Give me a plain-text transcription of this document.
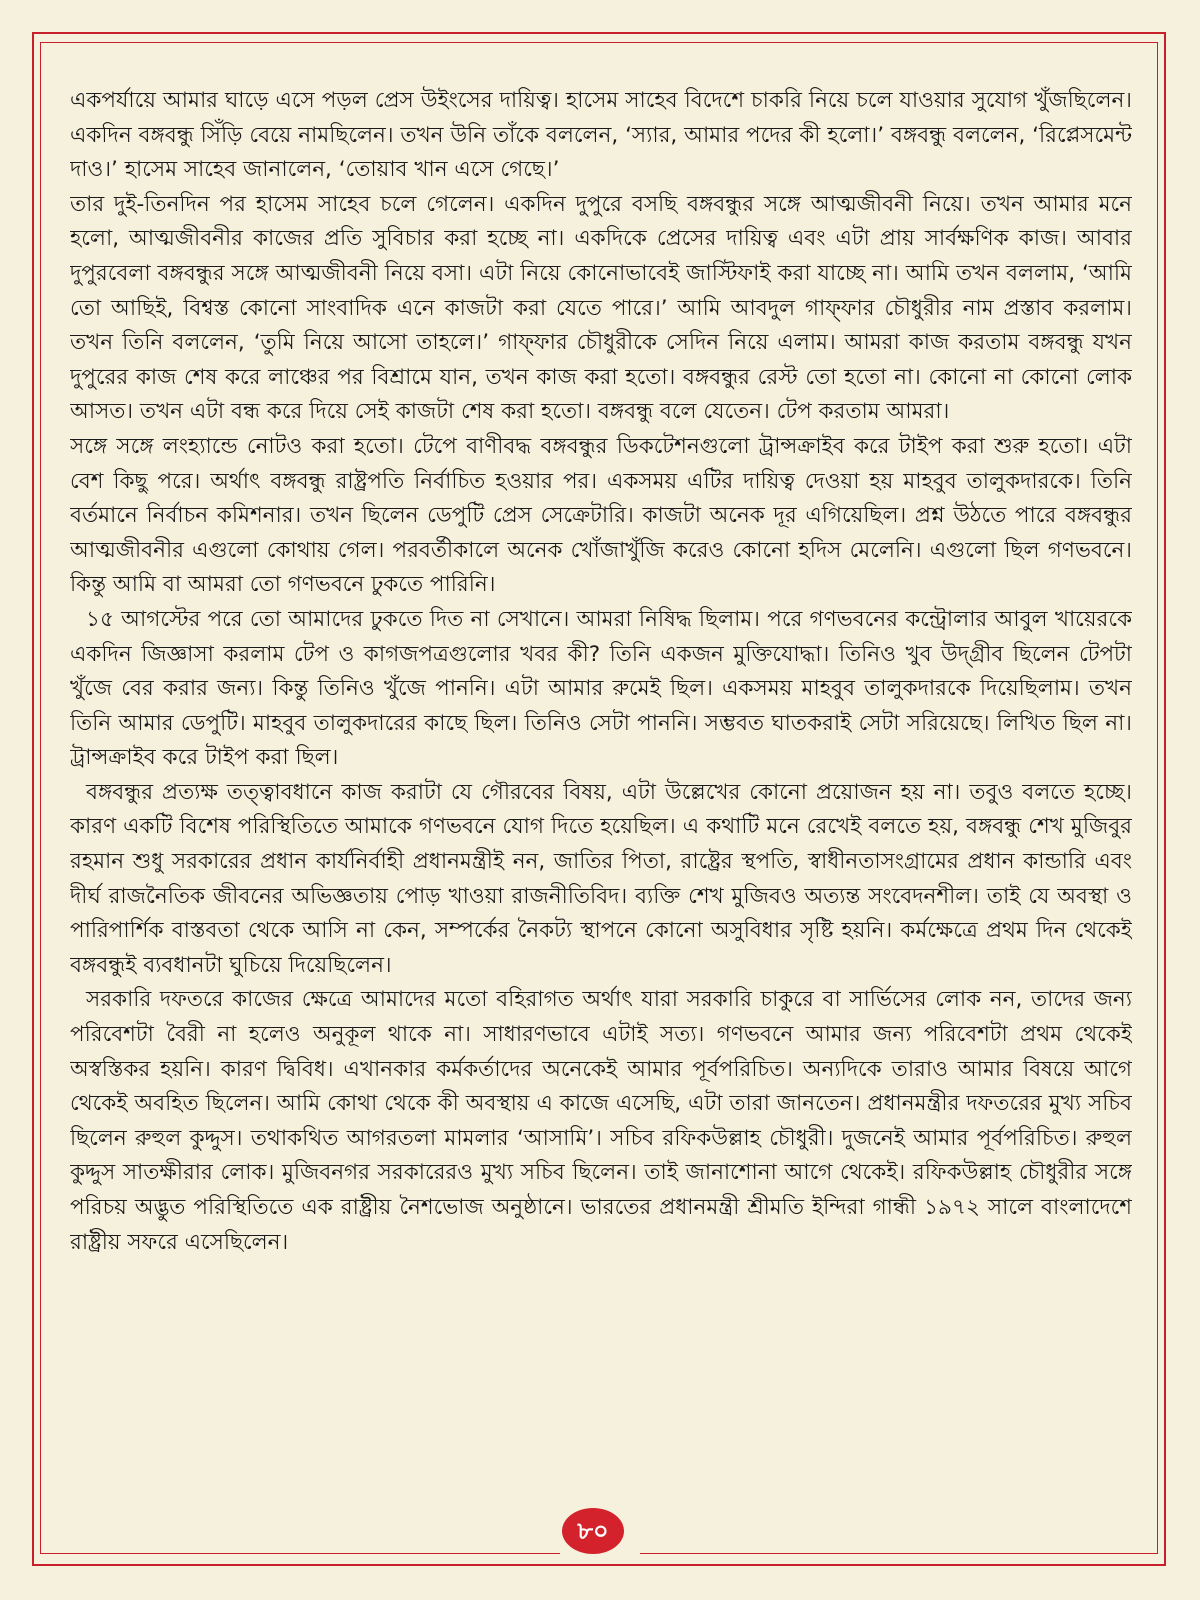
একপর্যায়ে আমার ঘাড়ে এসে পড়ল প্রেস উইংসের দায়িত্ব। হাসেম সাহেব বিদেশে চাকরি নিয়ে চলে যাওয়ার সুযোগ খুঁজছিলেন। একদিন বঙ্গবন্ধু সিঁড়ি বেয়ে নামছিলেন। তখন উনি তাঁকে বললেন, ‘স্যার, আমার পদের কী হলো।’ বঙ্গবন্ধু বললেন, ‘রিপ্লেসমেন্ট দাও।’ হাসেম সাহেব জানালেন, ‘তোয়াব খান এসে গেছে।’

তার দুই-তিনদিন পর হাসেম সাহেব চলে গেলেন। একদিন দুপুরে বসছি বঙ্গবন্ধুর সঙ্গে আত্মজীবনী নিয়ে। তখন আমার মনে হলো, আত্মজীবনীর কাজের প্রতি সুবিচার করা হচ্ছে না। একদিকে প্রেসের দায়িত্ব এবং এটা প্রায় সার্বক্ষণিক কাজ। আবার দুপুরবেলা বঙ্গবন্ধুর সঙ্গে আত্মজীবনী নিয়ে বসা। এটা নিয়ে কোনোভাবেই জাস্টিফাই করা যাচ্ছে না। আমি তখন বললাম, ‘আমি তো আছিই, বিশ্বস্ত কোনো সাংবাদিক এনে কাজটা করা যেতে পারে।’ আমি আবদুল গাফ্‌ফার চৌধুরীর নাম প্রস্তাব করলাম। তখন তিনি বললেন, ‘তুমি নিয়ে আসো তাহলে।’ গাফ্‌ফার চৌধুরীকে সেদিন নিয়ে এলাম। আমরা কাজ করতাম বঙ্গবন্ধু যখন দুপুরের কাজ শেষ করে লাঞ্চের পর বিশ্রামে যান, তখন কাজ করা হতো। বঙ্গবন্ধুর রেস্ট তো হতো না। কোনো না কোনো লোক আসত। তখন এটা বন্ধ করে দিয়ে সেই কাজটা শেষ করা হতো। বঙ্গবন্ধু বলে যেতেন। টেপ করতাম আমরা।

সঙ্গে সঙ্গে লংহ্যান্ডে নোটও করা হতো। টেপে বাণীবদ্ধ বঙ্গবন্ধুর ডিকটেশনগুলো ট্রান্সক্রাইব করে টাইপ করা শুরু হতো। এটা বেশ কিছু পরে। অর্থাৎ বঙ্গবন্ধু রাষ্ট্রপতি নির্বাচিত হওয়ার পর। একসময় এটির দায়িত্ব দেওয়া হয় মাহবুব তালুকদারকে। তিনি বর্তমানে নির্বাচন কমিশনার। তখন ছিলেন ডেপুটি প্রেস সেক্রেটারি। কাজটা অনেক দূর এগিয়েছিল। প্রশ্ন উঠতে পারে বঙ্গবন্ধুর আত্মজীবনীর এগুলো কোথায় গেল। পরবর্তীকালে অনেক খোঁজাখুঁজি করেও কোনো হদিস মেলেনি। এগুলো ছিল গণভবনে। কিন্তু আমি বা আমরা তো গণভবনে ঢুকতে পারিনি।

১৫ আগস্টের পরে তো আমাদের ঢুকতে দিত না সেখানে। আমরা নিষিদ্ধ ছিলাম। পরে গণভবনের কন্ট্রোলার আবুল খায়েরকে একদিন জিজ্ঞাসা করলাম টেপ ও কাগজপত্রগুলোর খবর কী? তিনি একজন মুক্তিযোদ্ধা। তিনিও খুব উদ্‌গ্রীব ছিলেন টেপটা খুঁজে বের করার জন্য। কিন্তু তিনিও খুঁজে পাননি। এটা আমার রুমেই ছিল। একসময় মাহবুব তালুকদারকে দিয়েছিলাম। তখন তিনি আমার ডেপুটি। মাহবুব তালুকদারের কাছে ছিল। তিনিও সেটা পাননি। সম্ভবত ঘাতকরাই সেটা সরিয়েছে। লিখিত ছিল না। ট্রান্সক্রাইব করে টাইপ করা ছিল।

বঙ্গবন্ধুর প্রত্যক্ষ তত্ত্বাবধানে কাজ করাটা যে গৌরবের বিষয়, এটা উল্লেখের কোনো প্রয়োজন হয় না। তবুও বলতে হচ্ছে। কারণ একটি বিশেষ পরিস্থিতিতে আমাকে গণভবনে যোগ দিতে হয়েছিল। এ কথাটি মনে রেখেই বলতে হয়, বঙ্গবন্ধু শেখ মুজিবুর রহমান শুধু সরকারের প্রধান কার্যনির্বাহী প্রধানমন্ত্রীই নন, জাতির পিতা, রাষ্ট্রের স্থপতি, স্বাধীনতাসংগ্রামের প্রধান কান্ডারি এবং দীর্ঘ রাজনৈতিক জীবনের অভিজ্ঞতায় পোড় খাওয়া রাজনীতিবিদ। ব্যক্তি শেখ মুজিবও অত্যন্ত সংবেদনশীল। তাই যে অবস্থা ও পারিপার্শিক বাস্তবতা থেকে আসি না কেন, সম্পর্কের নৈকট্য স্থাপনে কোনো অসুবিধার সৃষ্টি হয়নি। কর্মক্ষেত্রে প্রথম দিন থেকেই বঙ্গবন্ধুই ব্যবধানটা ঘুচিয়ে দিয়েছিলেন।

সরকারি দফতরে কাজের ক্ষেত্রে আমাদের মতো বহিরাগত অর্থাৎ যারা সরকারি চাকুরে বা সার্ভিসের লোক নন, তাদের জন্য পরিবেশটা বৈরী না হলেও অনুকূল থাকে না। সাধারণভাবে এটাই সত্য। গণভবনে আমার জন্য পরিবেশটা প্রথম থেকেই অস্বস্তিকর হয়নি। কারণ দ্বিবিধ। এখানকার কর্মকর্তাদের অনেকেই আমার পূর্বপরিচিত। অন্যদিকে তারাও আমার বিষয়ে আগে থেকেই অবহিত ছিলেন। আমি কোথা থেকে কী অবস্থায় এ কাজে এসেছি, এটা তারা জানতেন। প্রধানমন্ত্রীর দফতরের মুখ্য সচিব ছিলেন রুহুল কুদ্দুস। তথাকথিত আগরতলা মামলার ‘আসামি’। সচিব রফিকউল্লাহ চৌধুরী। দুজনেই আমার পূর্বপরিচিত। রুহুল কুদ্দুস সাতক্ষীরার লোক। মুজিবনগর সরকারেরও মুখ্য সচিব ছিলেন। তাই জানাশোনা আগে থেকেই। রফিকউল্লাহ চৌধুরীর সঙ্গে পরিচয় অদ্ভুত পরিস্থিতিতে এক রাষ্ট্রীয় নৈশভোজ অনুষ্ঠানে। ভারতের প্রধানমন্ত্রী শ্রীমতি ইন্দিরা গান্ধী ১৯৭২ সালে বাংলাদেশে রাষ্ট্রীয় সফরে এসেছিলেন।

৮০
